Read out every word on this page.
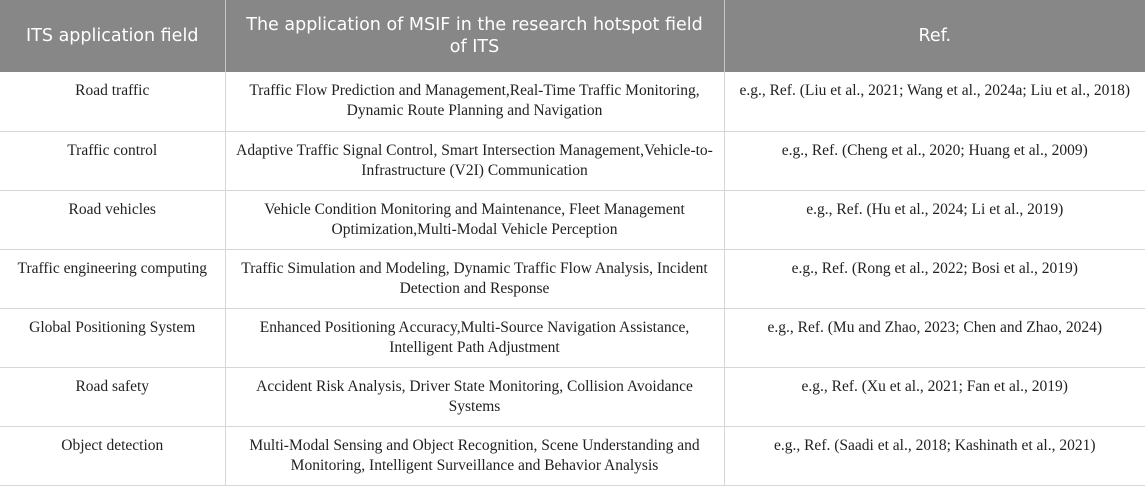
ITS application field	The application of MSIF in the research hotspot field of ITS	Ref.
Road traffic	Traffic Flow Prediction and Management,Real-Time Traffic Monitoring, Dynamic Route Planning and Navigation	e.g., Ref. (Liu et al., 2021; Wang et al., 2024a; Liu et al., 2018)
Traffic control	Adaptive Traffic Signal Control, Smart Intersection Management,Vehicle-to-Infrastructure (V2I) Communication	e.g., Ref. (Cheng et al., 2020; Huang et al., 2009)
Road vehicles	Vehicle Condition Monitoring and Maintenance, Fleet Management Optimization,Multi-Modal Vehicle Perception	e.g., Ref. (Hu et al., 2024; Li et al., 2019)
Traffic engineering computing	Traffic Simulation and Modeling, Dynamic Traffic Flow Analysis, Incident Detection and Response	e.g., Ref. (Rong et al., 2022; Bosi et al., 2019)
Global Positioning System	Enhanced Positioning Accuracy,Multi-Source Navigation Assistance, Intelligent Path Adjustment	e.g., Ref. (Mu and Zhao, 2023; Chen and Zhao, 2024)
Road safety	Accident Risk Analysis, Driver State Monitoring, Collision Avoidance Systems	e.g., Ref. (Xu et al., 2021; Fan et al., 2019)
Object detection	Multi-Modal Sensing and Object Recognition, Scene Understanding and Monitoring, Intelligent Surveillance and Behavior Analysis	e.g., Ref. (Saadi et al., 2018; Kashinath et al., 2021)
